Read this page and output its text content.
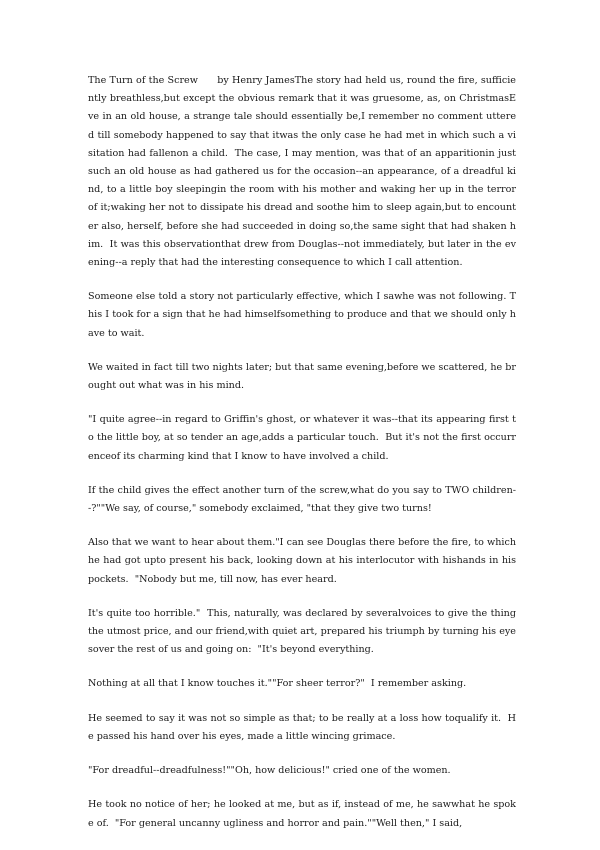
The Turn of the Screw      by Henry JamesThe story had held us, round the fire, sufficiently breathless,but except the obvious remark that it was gruesome, as, on ChristmasEve in an old house, a strange tale should essentially be,I remember no comment uttered till somebody happened to say that itwas the only case he had met in which such a visitation had fallenon a child.  The case, I may mention, was that of an apparitionin just such an old house as had gathered us for the occasion--an appearance, of a dreadful kind, to a little boy sleepingin the room with his mother and waking her up in the terror of it;waking her not to dissipate his dread and soothe him to sleep again,but to encounter also, herself, before she had succeeded in doing so,the same sight that had shaken him.  It was this observationthat drew from Douglas--not immediately, but later in the evening--a reply that had the interesting consequence to which I call attention.

Someone else told a story not particularly effective, which I sawhe was not following. This I took for a sign that he had himselfsomething to produce and that we should only have to wait.

We waited in fact till two nights later; but that same evening,before we scattered, he brought out what was in his mind.

"I quite agree--in regard to Griffin's ghost, or whatever it was--that its appearing first to the little boy, at so tender an age,adds a particular touch.  But it's not the first occurrenceof its charming kind that I know to have involved a child.

If the child gives the effect another turn of the screw,what do you say to TWO children--?""We say, of course," somebody exclaimed, "that they give two turns!

Also that we want to hear about them."I can see Douglas there before the fire, to which he had got upto present his back, looking down at his interlocutor with hishands in his pockets.  "Nobody but me, till now, has ever heard.

It's quite too horrible."  This, naturally, was declared by severalvoices to give the thing the utmost price, and our friend,with quiet art, prepared his triumph by turning his eyesover the rest of us and going on:  "It's beyond everything.

Nothing at all that I know touches it.""For sheer terror?"  I remember asking.

He seemed to say it was not so simple as that; to be really at a loss how toqualify it.  He passed his hand over his eyes, made a little wincing grimace.

"For dreadful--dreadfulness!""Oh, how delicious!" cried one of the women.

He took no notice of her; he looked at me, but as if, instead of me, he sawwhat he spoke of.  "For general uncanny ugliness and horror and pain.""Well then," I said,
